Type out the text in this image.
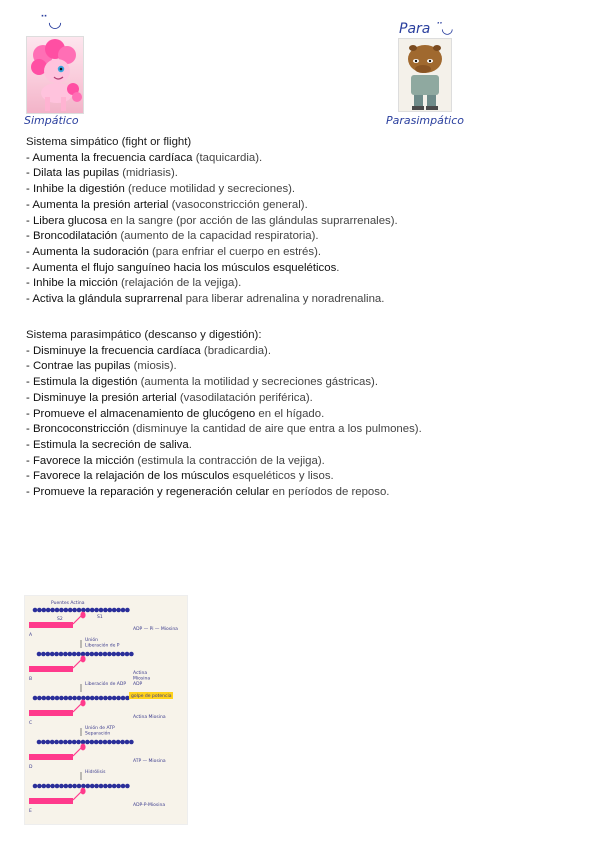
¨◡	Para ¨◡
Simpático	Parasimpático

Sistema simpático (fight or flight)

- Aumenta la frecuencia cardíaca (taquicardia).
- Dilata las pupilas (midriasis).
- Inhibe la digestión (reduce motilidad y secreciones).
- Aumenta la presión arterial (vasoconstricción general).
- Libera glucosa en la sangre (por acción de las glándulas suprarrenales).
- Broncodilatación (aumento de la capacidad respiratoria).
- Aumenta la sudoración (para enfriar el cuerpo en estrés).
- Aumenta el flujo sanguíneo hacia los músculos esqueléticos.
- Inhibe la micción (relajación de la vejiga).
- Activa la glándula suprarrenal para liberar adrenalina y noradrenalina.

Sistema parasimpático (descanso y digestión):

- Disminuye la frecuencia cardíaca (bradicardia).
- Contrae las pupilas (miosis).
- Estimula la digestión (aumenta la motilidad y secreciones gástricas).
- Disminuye la presión arterial (vasodilatación periférica).
- Promueve el almacenamiento de glucógeno en el hígado.
- Broncoconstricción (disminuye la cantidad de aire que entra a los pulmones).
- Estimula la secreción de saliva.
- Favorece la micción (estimula la contracción de la vejiga).
- Favorece la relajación de los músculos esqueléticos y lisos.
- Promueve la reparación y regeneración celular en períodos de reposo.
Puentes Actina
S2	S1
A
ADP — Pi — Miosina
B
Actina Miosina ADP
Unión Liberación de P
C
Actina Miosina
Liberación de ADP
golpe de potencia
D
ATP — Miosina
Unión de ATP Separación
E
ADP-P-Miosina
Hidrólisis
